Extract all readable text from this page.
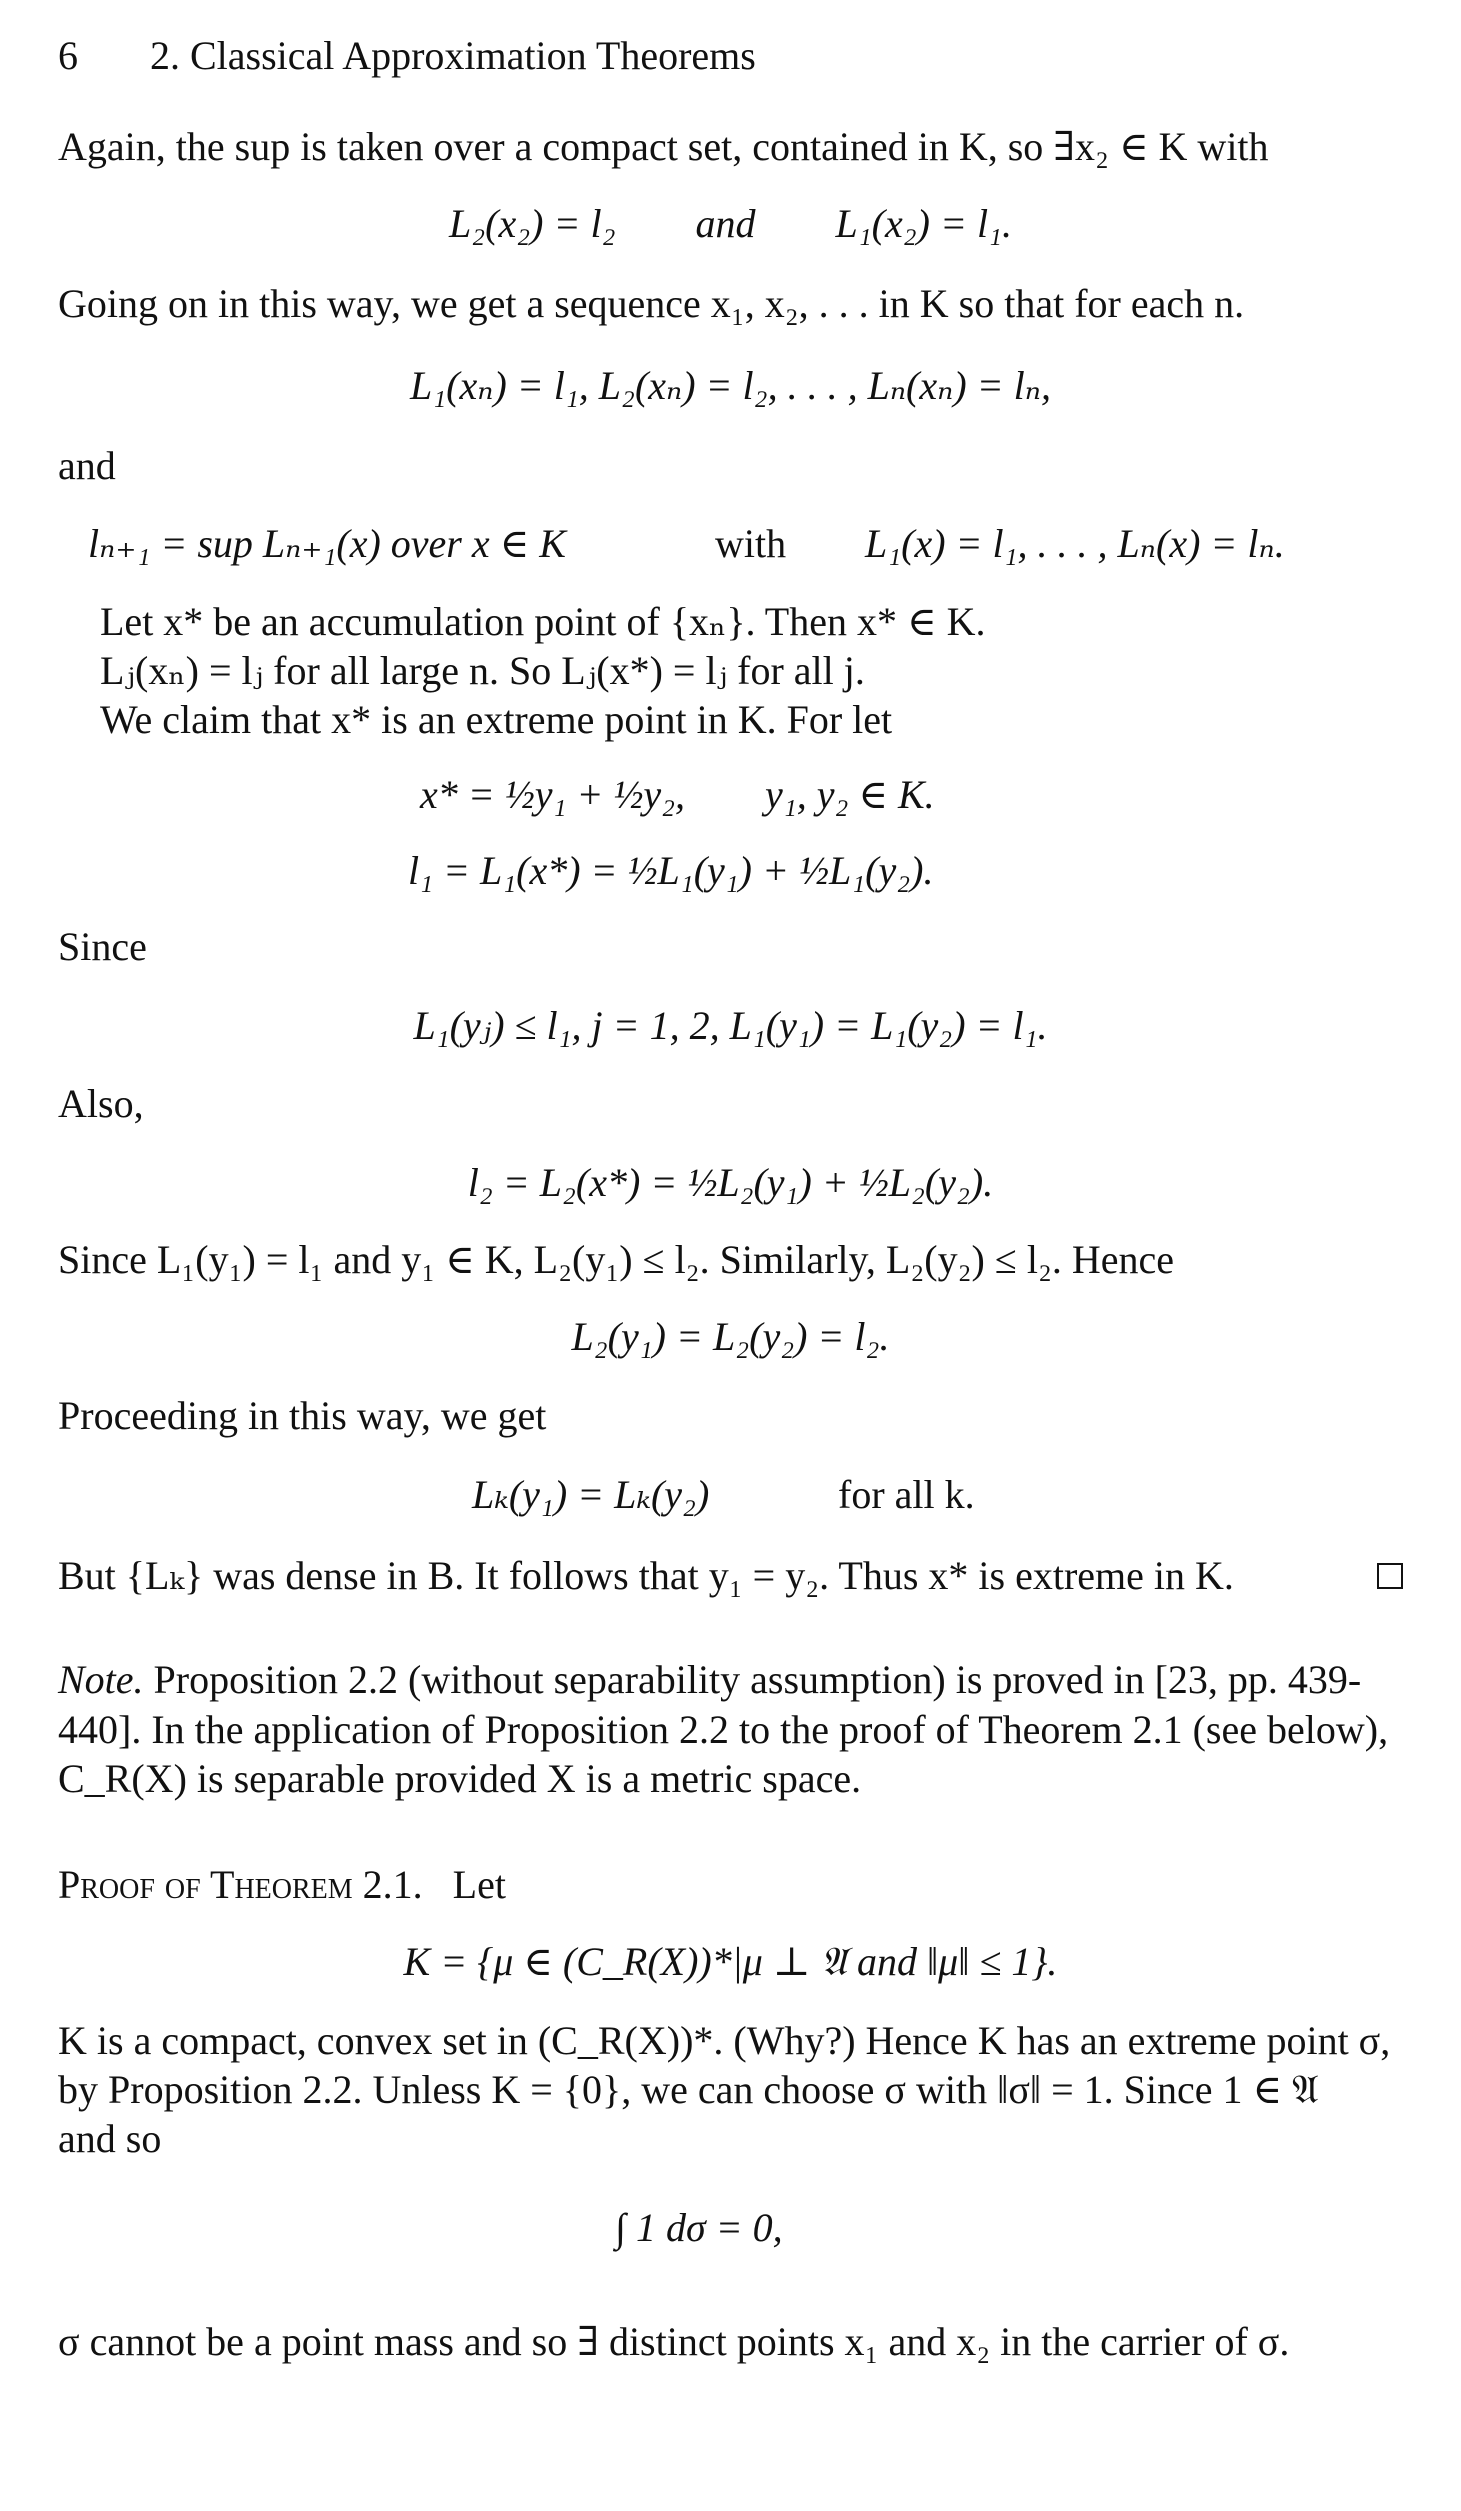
6 2. Classical Approximation Theorems
Again, the sup is taken over a compact set, contained in K, so ∃x₂ ∈ K with
L₂(x₂) = l₂        and        L₁(x₂) = l₁.
Going on in this way, we get a sequence x₁, x₂, . . . in K so that for each n.
L₁(xₙ) = l₁, L₂(xₙ) = l₂, . . . , Lₙ(xₙ) = lₙ,
and
lₙ₊₁ = sup Lₙ₊₁(x) over x ∈ K	with L₁(x) = l₁, . . . , Lₙ(x) = lₙ.
Let x* be an accumulation point of {xₙ}. Then x* ∈ K.
Lⱼ(xₙ) = lⱼ for all large n. So Lⱼ(x*) = lⱼ for all j.
We claim that x* is an extreme point in K. For let
x* = ½y₁ + ½y₂,        y₁, y₂ ∈ K.
l₁ = L₁(x*) = ½L₁(y₁) + ½L₁(y₂).
Since
L₁(yⱼ) ≤ l₁, j = 1, 2, L₁(y₁) = L₁(y₂) = l₁.
Also,
l₂ = L₂(x*) = ½L₂(y₁) + ½L₂(y₂).
Since L₁(y₁) = l₁ and y₁ ∈ K, L₂(y₁) ≤ l₂. Similarly, L₂(y₂) ≤ l₂. Hence
L₂(y₁) = L₂(y₂) = l₂.
Proceeding in this way, we get
Lₖ(y₁) = Lₖ(y₂)	for all k.
But {Lₖ} was dense in B. It follows that y₁ = y₂. Thus x* is extreme in K.
Note. Proposition 2.2 (without separability assumption) is proved in [23, pp. 439-
440]. In the application of Proposition 2.2 to the proof of Theorem 2.1 (see below),
C_R(X) is separable provided X is a metric space.
Proof of Theorem 2.1. Let
K = {μ ∈ (C_R(X))*|μ ⊥ 𝔄 and ‖μ‖ ≤ 1}.
K is a compact, convex set in (C_R(X))*. (Why?) Hence K has an extreme point σ,
by Proposition 2.2. Unless K = {0}, we can choose σ with ‖σ‖ = 1. Since 1 ∈ 𝔄
and so
∫ 1 dσ = 0,
σ cannot be a point mass and so ∃ distinct points x₁ and x₂ in the carrier of σ.
